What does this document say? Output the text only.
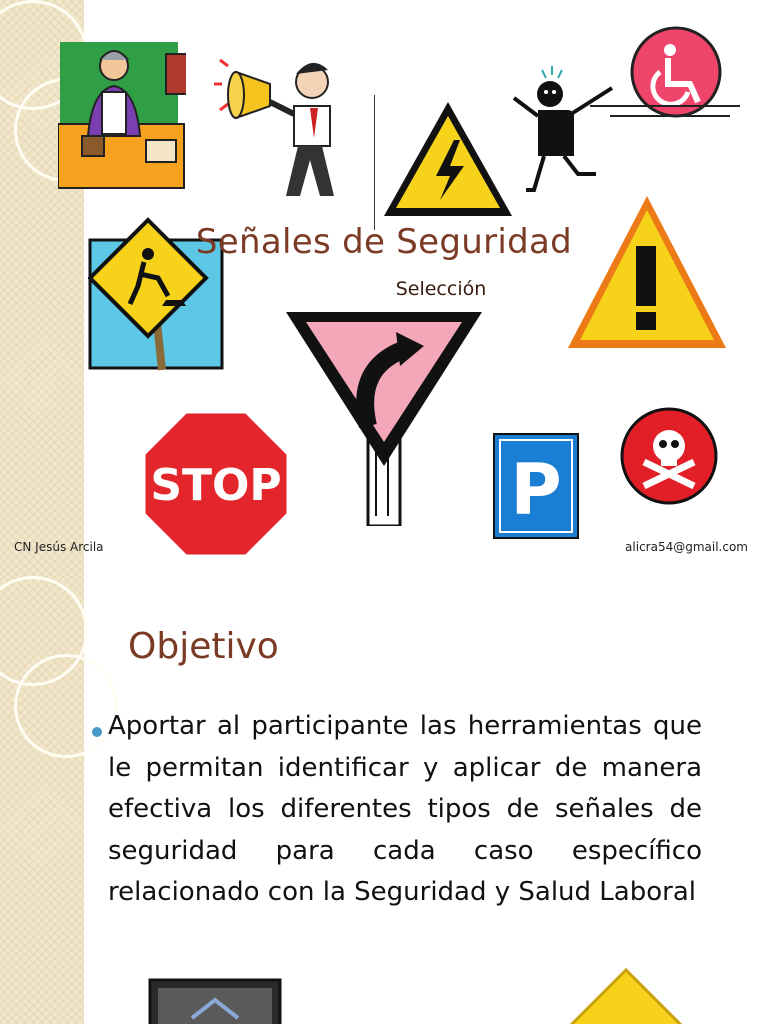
Señales de Seguridad
Selección
STOP	P
CN Jesús Arcila	alicra54@gmail.com
Objetivo
Aportar al participante las herramientas que le permitan identificar y aplicar de manera efectiva los diferentes tipos de señales de seguridad para cada caso específico relacionado con la Seguridad y Salud Laboral
